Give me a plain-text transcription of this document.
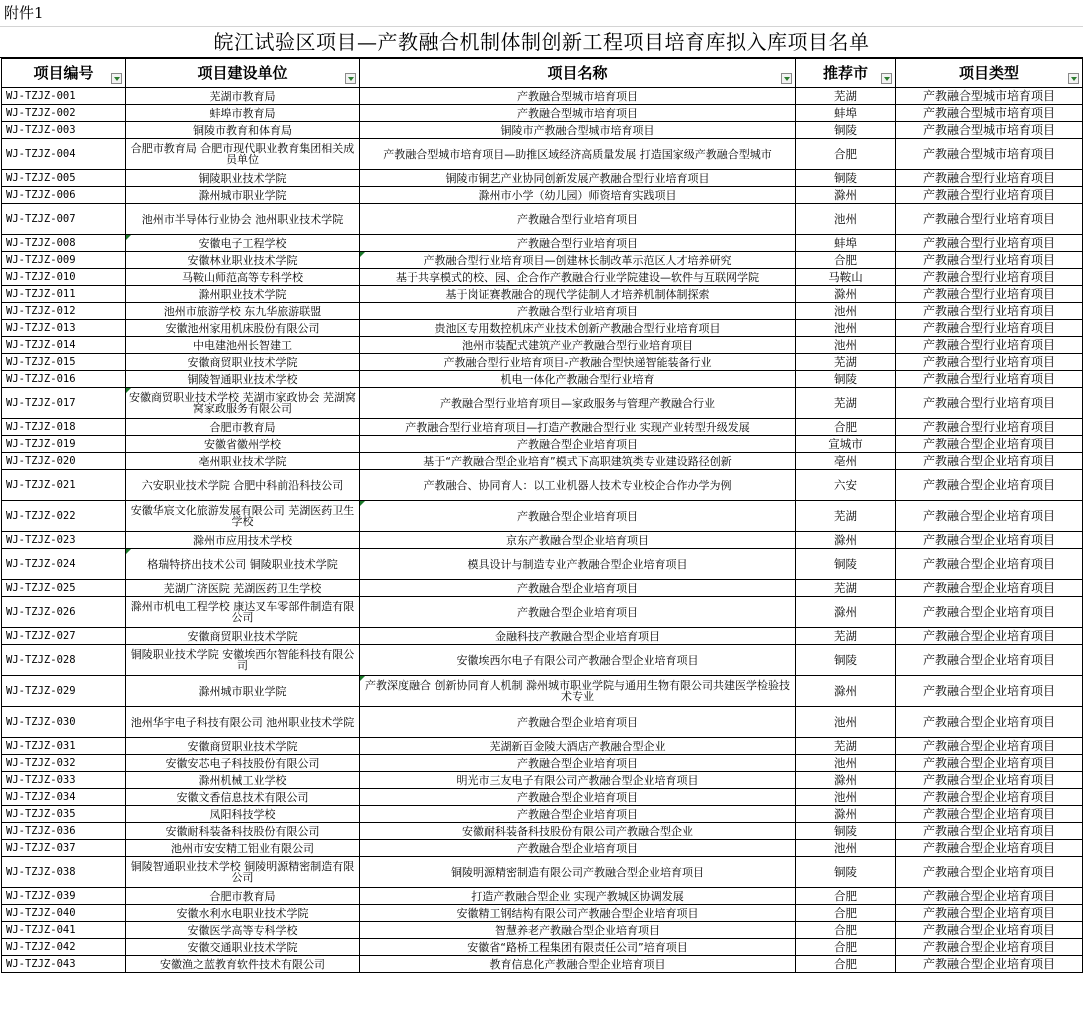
附件1
皖江试验区项目—产教融合机制体制创新工程项目培育库拟入库项目名单
项目编号	项目建设单位	项目名称	推荐市	项目类型

WJ-TZJZ-001	芜湖市教育局	产教融合型城市培育项目	芜湖	产教融合型城市培育项目
WJ-TZJZ-002	蚌埠市教育局	产教融合型城市培育项目	蚌埠	产教融合型城市培育项目
WJ-TZJZ-003	铜陵市教育和体育局	铜陵市产教融合型城市培育项目	铜陵	产教融合型城市培育项目
WJ-TZJZ-004	合肥市教育局 合肥市现代职业教育集团相关成员单位	产教融合型城市培育项目—助推区域经济高质量发展 打造国家级产教融合型城市	合肥	产教融合型城市培育项目
WJ-TZJZ-005	铜陵职业技术学院	铜陵市铜艺产业协同创新发展产教融合型行业培育项目	铜陵	产教融合型行业培育项目
WJ-TZJZ-006	滁州城市职业学院	滁州市小学（幼儿园）师资培育实践项目	滁州	产教融合型行业培育项目
WJ-TZJZ-007	池州市半导体行业协会 池州职业技术学院	产教融合型行业培育项目	池州	产教融合型行业培育项目
WJ-TZJZ-008	安徽电子工程学校	产教融合型行业培育项目	蚌埠	产教融合型行业培育项目
WJ-TZJZ-009	安徽林业职业技术学院	产教融合型行业培育项目—创建林长制改革示范区人才培养研究	合肥	产教融合型行业培育项目
WJ-TZJZ-010	马鞍山师范高等专科学校	基于共享模式的校、园、企合作产教融合行业学院建设—软件与互联网学院	马鞍山	产教融合型行业培育项目
WJ-TZJZ-011	滁州职业技术学院	基于岗证赛教融合的现代学徒制人才培养机制体制探索	滁州	产教融合型行业培育项目
WJ-TZJZ-012	池州市旅游学校 东九华旅游联盟	产教融合型行业培育项目	池州	产教融合型行业培育项目
WJ-TZJZ-013	安徽池州家用机床股份有限公司	贵池区专用数控机床产业技术创新产教融合型行业培育项目	池州	产教融合型行业培育项目
WJ-TZJZ-014	中电建池州长智建工	池州市装配式建筑产业产教融合型行业培育项目	池州	产教融合型行业培育项目
WJ-TZJZ-015	安徽商贸职业技术学院	产教融合型行业培育项目-产教融合型快递智能装备行业	芜湖	产教融合型行业培育项目
WJ-TZJZ-016	铜陵智通职业技术学校	机电一体化产教融合型行业培育	铜陵	产教融合型行业培育项目
WJ-TZJZ-017	安徽商贸职业技术学校 芜湖市家政协会 芜湖窝窝家政服务有限公司	产教融合型行业培育项目—家政服务与管理产教融合行业	芜湖	产教融合型行业培育项目
WJ-TZJZ-018	合肥市教育局	产教融合型行业培育项目—打造产教融合型行业 实现产业转型升级发展	合肥	产教融合型行业培育项目
WJ-TZJZ-019	安徽省徽州学校	产教融合型企业培育项目	宣城市	产教融合型企业培育项目
WJ-TZJZ-020	亳州职业技术学院	基于“产教融合型企业培育”模式下高职建筑类专业建设路径创新	亳州	产教融合型企业培育项目
WJ-TZJZ-021	六安职业技术学院 合肥中科前沿科技公司	产教融合、协同育人：以工业机器人技术专业校企合作办学为例	六安	产教融合型企业培育项目
WJ-TZJZ-022	安徽华宸文化旅游发展有限公司 芜湖医药卫生学校	产教融合型企业培育项目	芜湖	产教融合型企业培育项目
WJ-TZJZ-023	滁州市应用技术学校	京东产教融合型企业培育项目	滁州	产教融合型企业培育项目
WJ-TZJZ-024	格瑞特挤出技术公司 铜陵职业技术学院	模具设计与制造专业产教融合型企业培育项目	铜陵	产教融合型企业培育项目
WJ-TZJZ-025	芜湖广济医院 芜湖医药卫生学校	产教融合型企业培育项目	芜湖	产教融合型企业培育项目
WJ-TZJZ-026	滁州市机电工程学校 康达叉车零部件制造有限公司	产教融合型企业培育项目	滁州	产教融合型企业培育项目
WJ-TZJZ-027	安徽商贸职业技术学院	金融科技产教融合型企业培育项目	芜湖	产教融合型企业培育项目
WJ-TZJZ-028	铜陵职业技术学院 安徽埃西尔智能科技有限公司	安徽埃西尔电子有限公司产教融合型企业培育项目	铜陵	产教融合型企业培育项目
WJ-TZJZ-029	滁州城市职业学院	产教深度融合 创新协同育人机制 滁州城市职业学院与通用生物有限公司共建医学检验技术专业	滁州	产教融合型企业培育项目
WJ-TZJZ-030	池州华宇电子科技有限公司 池州职业技术学院	产教融合型企业培育项目	池州	产教融合型企业培育项目
WJ-TZJZ-031	安徽商贸职业技术学院	芜湖新百金陵大酒店产教融合型企业	芜湖	产教融合型企业培育项目
WJ-TZJZ-032	安徽安芯电子科技股份有限公司	产教融合型企业培育项目	池州	产教融合型企业培育项目
WJ-TZJZ-033	滁州机械工业学校	明光市三友电子有限公司产教融合型企业培育项目	滁州	产教融合型企业培育项目
WJ-TZJZ-034	安徽文香信息技术有限公司	产教融合型企业培育项目	池州	产教融合型企业培育项目
WJ-TZJZ-035	凤阳科技学校	产教融合型企业培育项目	滁州	产教融合型企业培育项目
WJ-TZJZ-036	安徽耐科装备科技股份有限公司	安徽耐科装备科技股份有限公司产教融合型企业	铜陵	产教融合型企业培育项目
WJ-TZJZ-037	池州市安安精工铝业有限公司	产教融合型企业培育项目	池州	产教融合型企业培育项目
WJ-TZJZ-038	铜陵智通职业技术学校 铜陵明源精密制造有限公司	铜陵明源精密制造有限公司产教融合型企业培育项目	铜陵	产教融合型企业培育项目
WJ-TZJZ-039	合肥市教育局	打造产教融合型企业 实现产教城区协调发展	合肥	产教融合型企业培育项目
WJ-TZJZ-040	安徽水利水电职业技术学院	安徽精工钢结构有限公司产教融合型企业培育项目	合肥	产教融合型企业培育项目
WJ-TZJZ-041	安徽医学高等专科学校	智慧养老产教融合型企业培育项目	合肥	产教融合型企业培育项目
WJ-TZJZ-042	安徽交通职业技术学院	安徽省“路桥工程集团有限责任公司”培育项目	合肥	产教融合型企业培育项目
WJ-TZJZ-043	安徽渔之蓝教育软件技术有限公司	教育信息化产教融合型企业培育项目	合肥	产教融合型企业培育项目
